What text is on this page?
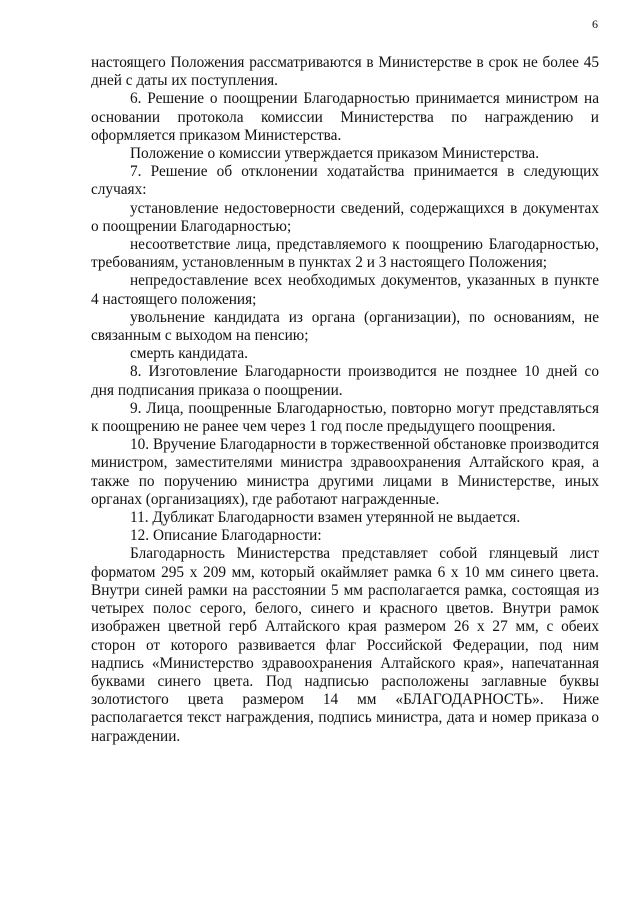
6

настоящего Положения рассматриваются в Министерстве в срок не более 45 дней с даты их поступления.

6. Решение о поощрении Благодарностью принимается министром на основании протокола комиссии Министерства по награждению и оформляется приказом Министерства.

Положение о комиссии утверждается приказом Министерства.

7. Решение об отклонении ходатайства принимается в следующих случаях:

установление недостоверности сведений, содержащихся в документах о поощрении Благодарностью;

несоответствие лица, представляемого к поощрению Благодарностью, требованиям, установленным в пунктах 2 и 3 настоящего Положения;

непредоставление всех необходимых документов, указанных в пункте 4 настоящего положения;

увольнение кандидата из органа (организации), по основаниям, не связанным с выходом на пенсию;

смерть кандидата.

8. Изготовление Благодарности производится не позднее 10 дней со дня подписания приказа о поощрении.

9. Лица, поощренные Благодарностью, повторно могут представляться к поощрению не ранее чем через 1 год после предыдущего поощрения.

10. Вручение Благодарности в торжественной обстановке производится министром, заместителями министра здравоохранения Алтайского края, а также по поручению министра другими лицами в Министерстве, иных органах (организациях), где работают награжденные.

11. Дубликат Благодарности взамен утерянной не выдается.

12. Описание Благодарности:

Благодарность Министерства представляет собой глянцевый лист форматом 295 х 209 мм, который окаймляет рамка 6 х 10 мм синего цвета. Внутри синей рамки на расстоянии 5 мм располагается рамка, состоящая из четырех полос серого, белого, синего и красного цветов. Внутри рамок изображен цветной герб Алтайского края размером 26 х 27 мм, с обеих сторон от которого развивается флаг Российской Федерации, под ним надпись «Министерство здравоохранения Алтайского края», напечатанная буквами синего цвета. Под надписью расположены заглавные буквы золотистого цвета размером 14 мм «БЛАГОДАРНОСТЬ». Ниже располагается текст награждения, подпись министра, дата и номер приказа о награждении.
